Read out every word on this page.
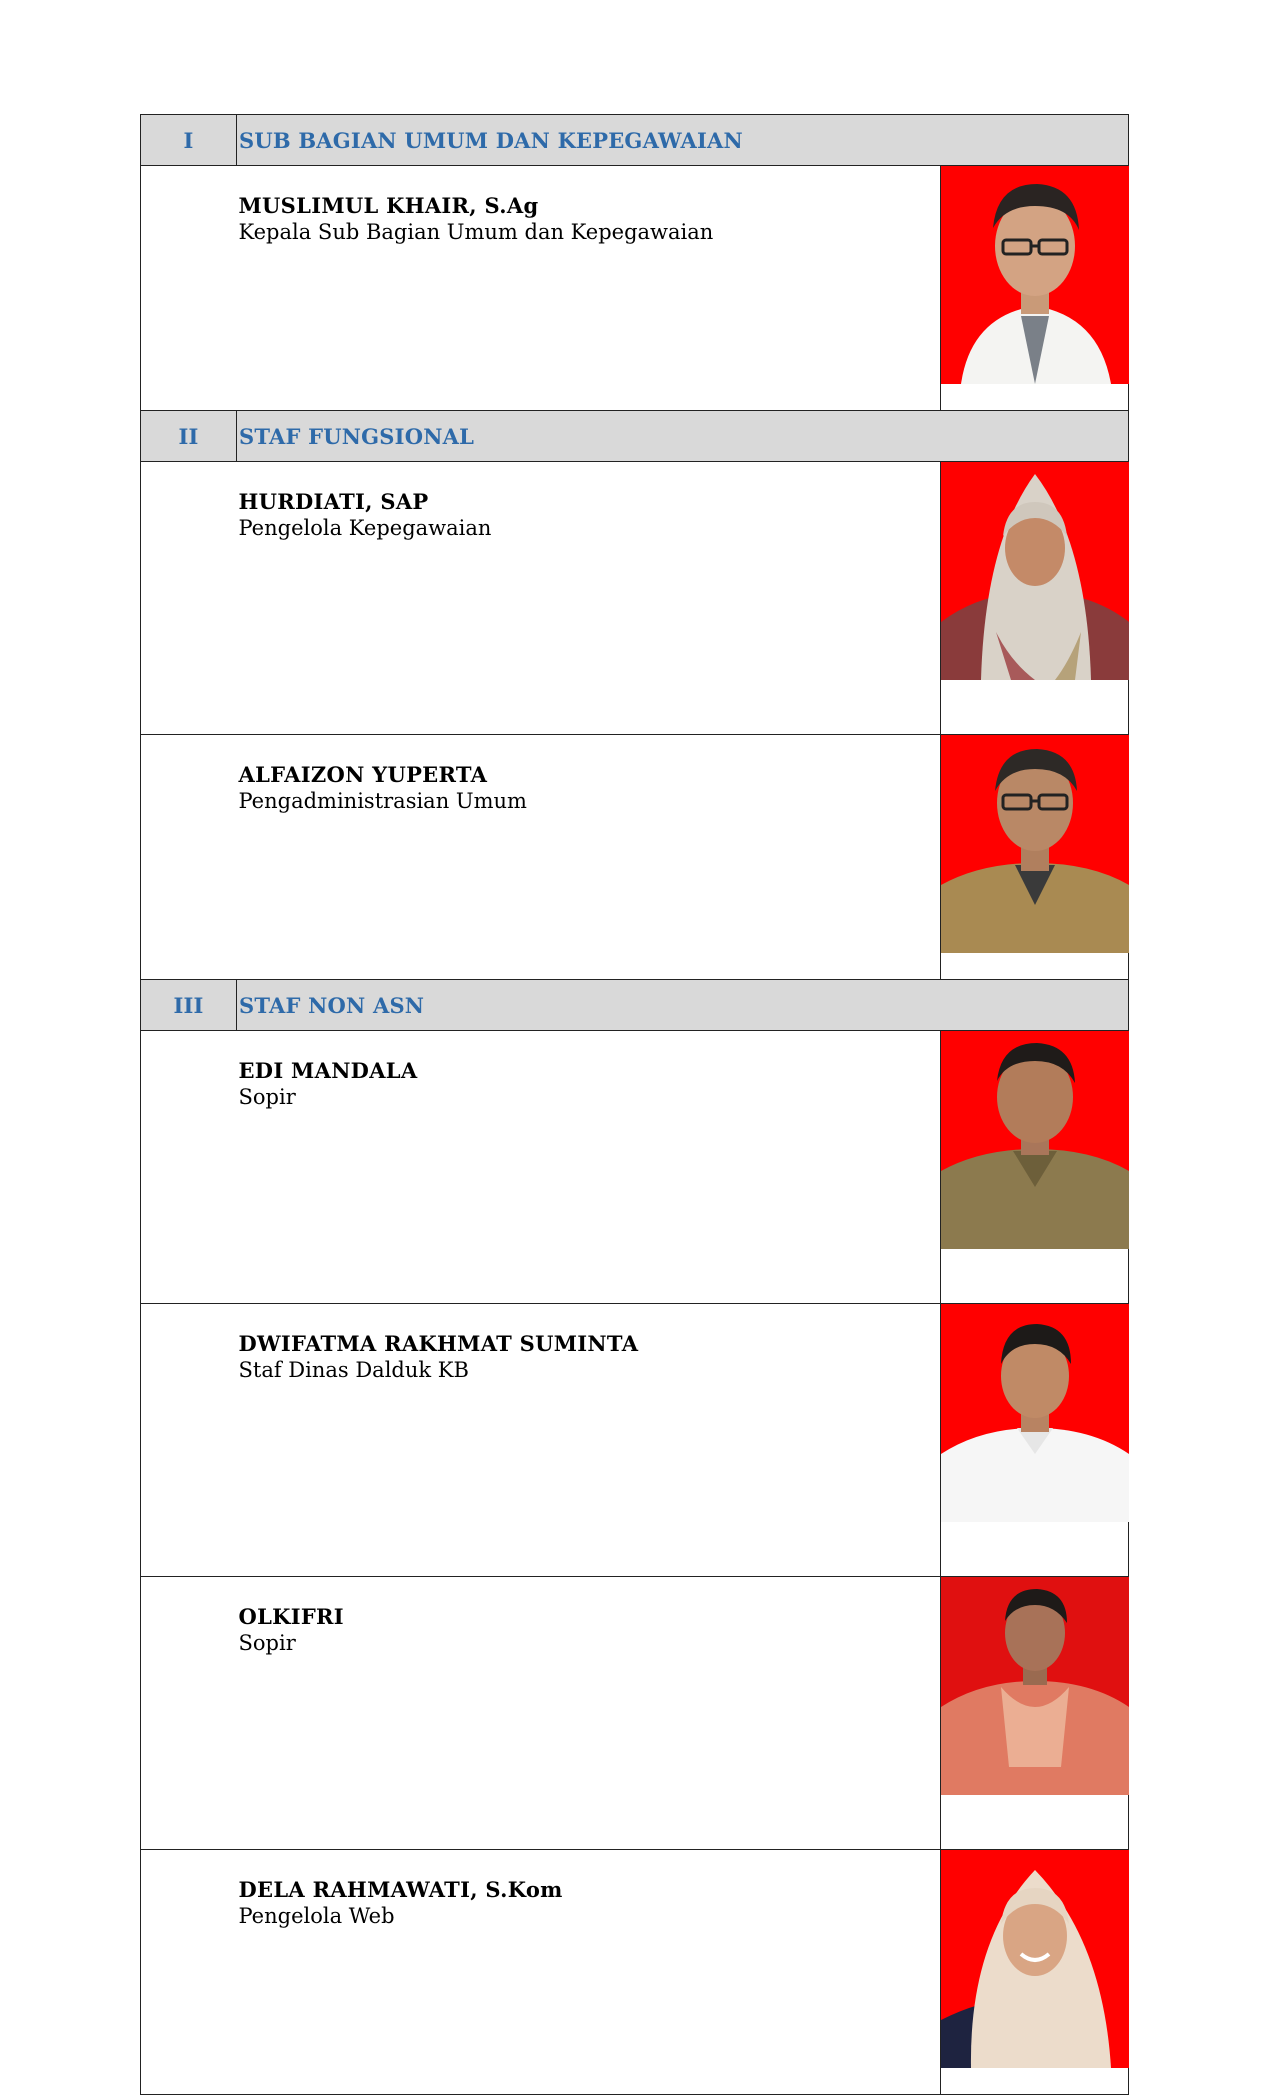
I	SUB BAGIAN UMUM DAN KEPEGAWAIAN	

	MUSLIMUL KHAIR, S.Ag
Kepala Sub Bagian Umum dan Kepegawaian

II	STAF FUNGSIONAL	

	HURDIATI, SAP
Pengelola Kepegawaian

	ALFAIZON YUPERTA
Pengadministrasian Umum

III	STAF NON ASN	

	EDI MANDALA
Sopir

	DWIFATMA RAKHMAT SUMINTA
Staf Dinas Dalduk KB

	OLKIFRI
Sopir

	DELA RAHMAWATI, S.Kom
Pengelola Web
